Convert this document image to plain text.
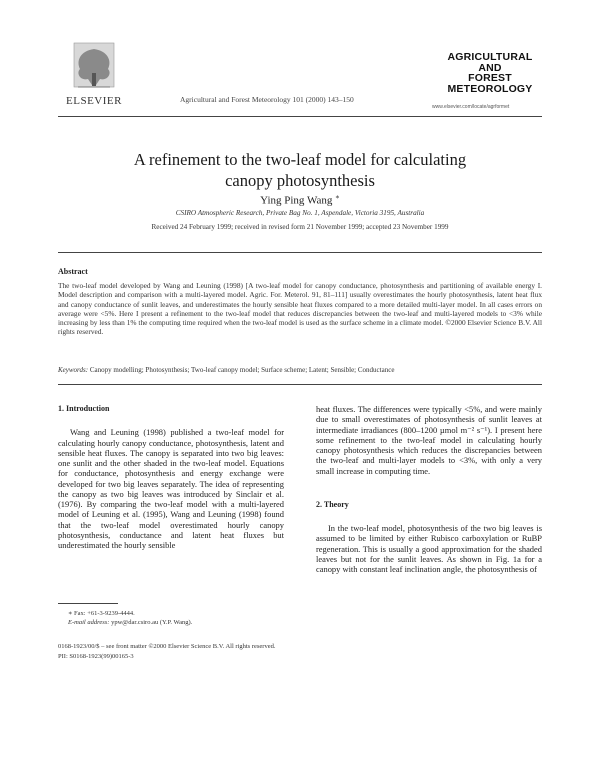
ELSEVIER	Agricultural and Forest Meteorology 101 (2000) 143–150
AGRICULTURAL
AND
FOREST
METEOROLOGY
www.elsevier.com/locate/agrformet
A refinement to the two-leaf model for calculating
canopy photosynthesis
Ying Ping Wang ∗
CSIRO Atmospheric Research, Private Bag No. 1, Aspendale, Victoria 3195, Australia
Received 24 February 1999; received in revised form 21 November 1999; accepted 23 November 1999
Abstract
The two-leaf model developed by Wang and Leuning (1998) [A two-leaf model for canopy conductance, photosynthesis and partitioning of available energy I. Model description and comparison with a multi-layered model. Agric. For. Meterol. 91, 81–111] usually overestimates the hourly photosynthesis, latent heat flux and canopy conductance of sunlit leaves, and underestimates the hourly sensible heat fluxes compared to a more detailed multi-layer model. In all cases errors on average were <5%. Here I present a refinement to the two-leaf model that reduces discrepancies between the two-leaf and multi-layered models to <3% while increasing by less than 1% the computing time required when the two-leaf model is used as the surface scheme in a climate model. ©2000 Elsevier Science B.V. All rights reserved.
Keywords: Canopy modelling; Photosynthesis; Two-leaf canopy model; Surface scheme; Latent; Sensible; Conductance
1. Introduction

Wang and Leuning (1998) published a two-leaf model for calculating hourly canopy conductance, photosynthesis, latent and sensible heat fluxes. The canopy is separated into two big leaves: one sunlit and the other shaded in the two-leaf model. Equations for conductance, photosynthesis and energy exchange were developed for two big leaves separately. The idea of representing the canopy as two big leaves was introduced by Sinclair et al. (1976). By comparing the two-leaf model with a multi-layered model of Leuning et al. (1995), Wang and Leuning (1998) found that the two-leaf model overestimated hourly canopy photosynthesis, conductance and latent heat fluxes but underestimated the hourly sensible

heat fluxes. The differences were typically <5%, and were mainly due to small overestimates of photosynthesis of sunlit leaves at intermediate irradiances (800–1200 µmol m⁻² s⁻¹). I present here some refinement to the two-leaf model in calculating hourly canopy photosynthesis which reduces the discrepancies between the two-leaf and multi-layer models to <3%, with only a very small increase in computing time.

2. Theory

In the two-leaf model, photosynthesis of the two big leaves is assumed to be limited by either Rubisco carboxylation or RuBP regeneration. This is usually a good approximation for the shaded leaves but not for the sunlit leaves. As shown in Fig. 1a for a canopy with constant leaf inclination angle, the photosynthesis of

∗ Fax: +61-3-9239-4444.
E-mail address: ypw@dar.csiro.au (Y.P. Wang).
0168-1923/00/$ – see front matter ©2000 Elsevier Science B.V. All rights reserved.
PII: S0168-1923(99)00165-3
